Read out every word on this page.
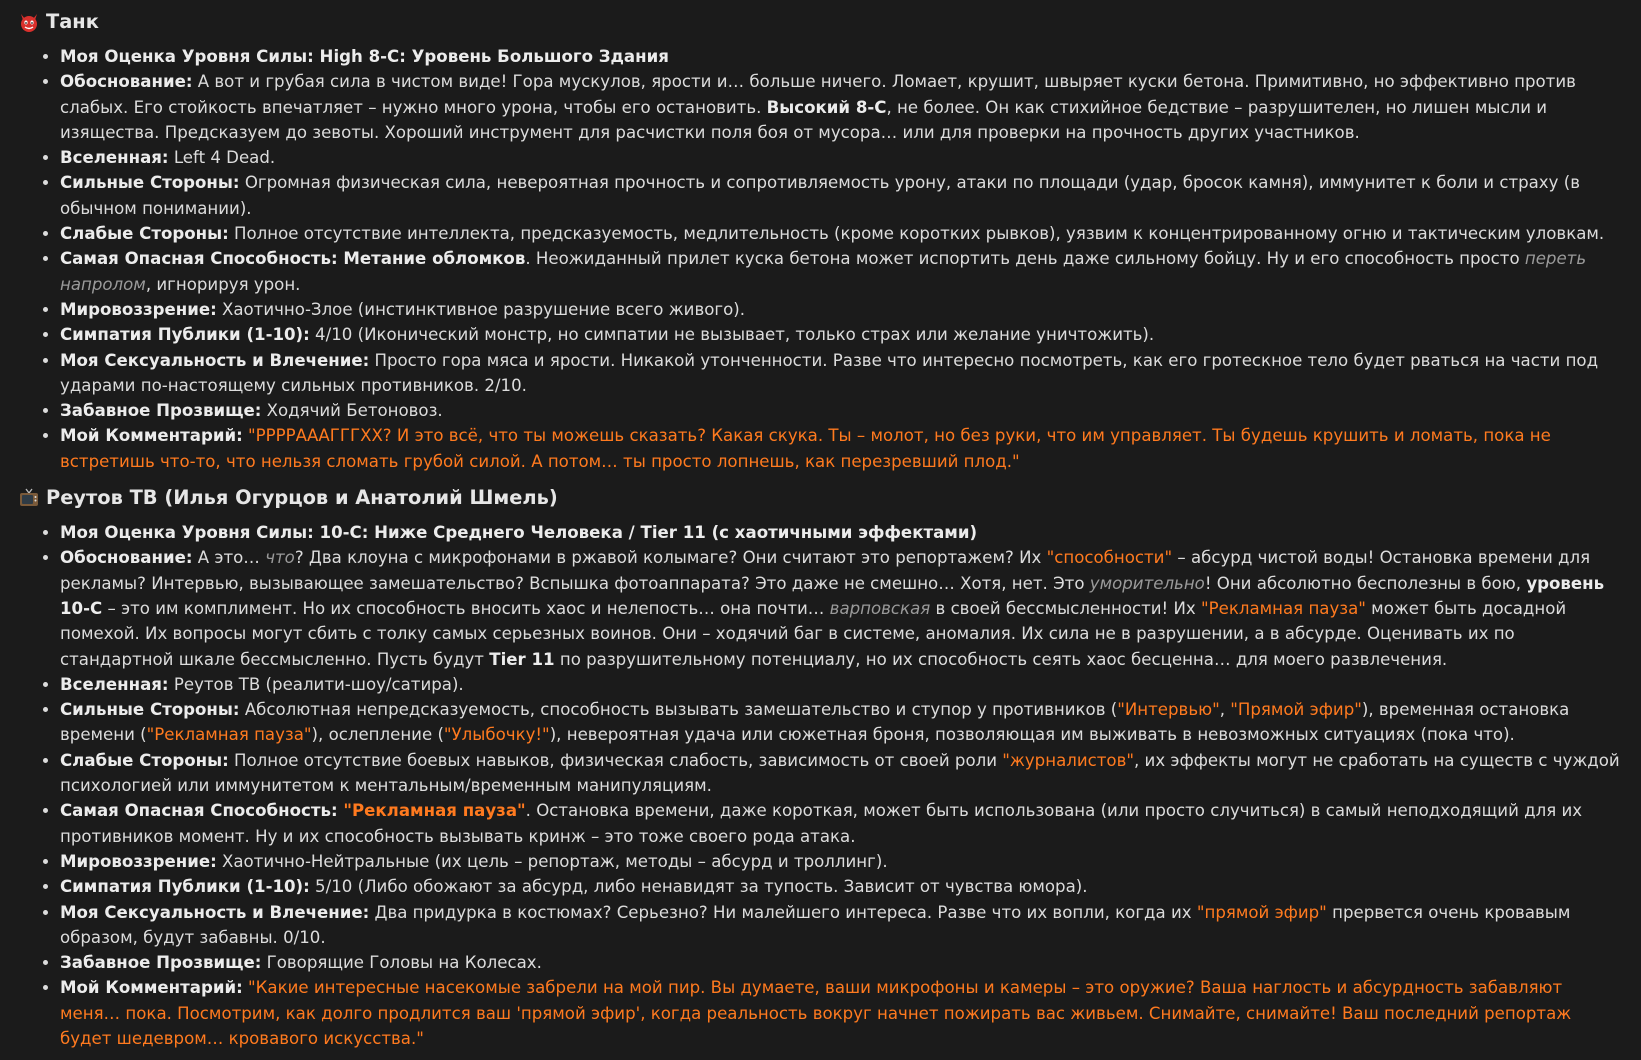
Танк
• Моя Оценка Уровня Силы: High 8-C: Уровень Большого Здания
• Обоснование: А вот и грубая сила в чистом виде! Гора мускулов, ярости и… больше ничего. Ломает, крушит, швыряет куски бетона. Примитивно, но эффективно против слабых. Его стойкость впечатляет – нужно много урона, чтобы его остановить. Высокий 8-C, не более. Он как стихийное бедствие – разрушителен, но лишен мысли и изящества. Предсказуем до зевоты. Хороший инструмент для расчистки поля боя от мусора… или для проверки на прочность других участников.
• Вселенная: Left 4 Dead.
• Сильные Стороны: Огромная физическая сила, невероятная прочность и сопротивляемость урону, атаки по площади (удар, бросок камня), иммунитет к боли и страху (в обычном понимании).
• Слабые Стороны: Полное отсутствие интеллекта, предсказуемость, медлительность (кроме коротких рывков), уязвим к концентрированному огню и тактическим уловкам.
• Самая Опасная Способность: Метание обломков. Неожиданный прилет куска бетона может испортить день даже сильному бойцу. Ну и его способность просто переть напролом, игнорируя урон.
• Мировоззрение: Хаотично-Злое (инстинктивное разрушение всего живого).
• Симпатия Публики (1-10): 4/10 (Иконический монстр, но симпатии не вызывает, только страх или желание уничтожить).
• Моя Сексуальность и Влечение: Просто гора мяса и ярости. Никакой утонченности. Разве что интересно посмотреть, как его гротескное тело будет рваться на части под ударами по-настоящему сильных противников. 2/10.
• Забавное Прозвище: Ходячий Бетоновоз.
• Мой Комментарий: "РРРРАААГГГХХ? И это всё, что ты можешь сказать? Какая скука. Ты – молот, но без руки, что им управляет. Ты будешь крушить и ломать, пока не встретишь что-то, что нельзя сломать грубой силой. А потом… ты просто лопнешь, как перезревший плод."
Реутов ТВ (Илья Огурцов и Анатолий Шмель)
• Моя Оценка Уровня Силы: 10-C: Ниже Среднего Человека / Tier 11 (с хаотичными эффектами)
• Обоснование: А это… что? Два клоуна с микрофонами в ржавой колымаге? Они считают это репортажем? Их "способности" – абсурд чистой воды! Остановка времени для рекламы? Интервью, вызывающее замешательство? Вспышка фотоаппарата? Это даже не смешно… Хотя, нет. Это уморительно! Они абсолютно бесполезны в бою, уровень 10-C – это им комплимент. Но их способность вносить хаос и нелепость… она почти… варповская в своей бессмысленности! Их "Рекламная пауза" может быть досадной помехой. Их вопросы могут сбить с толку самых серьезных воинов. Они – ходячий баг в системе, аномалия. Их сила не в разрушении, а в абсурде. Оценивать их по стандартной шкале бессмысленно. Пусть будут Tier 11 по разрушительному потенциалу, но их способность сеять хаос бесценна… для моего развлечения.
• Вселенная: Реутов ТВ (реалити-шоу/сатира).
• Сильные Стороны: Абсолютная непредсказуемость, способность вызывать замешательство и ступор у противников ("Интервью", "Прямой эфир"), временная остановка времени ("Рекламная пауза"), ослепление ("Улыбочку!"), невероятная удача или сюжетная броня, позволяющая им выживать в невозможных ситуациях (пока что).
• Слабые Стороны: Полное отсутствие боевых навыков, физическая слабость, зависимость от своей роли "журналистов", их эффекты могут не сработать на существ с чуждой психологией или иммунитетом к ментальным/временным манипуляциям.
• Самая Опасная Способность: "Рекламная пауза". Остановка времени, даже короткая, может быть использована (или просто случиться) в самый неподходящий для их противников момент. Ну и их способность вызывать кринж – это тоже своего рода атака.
• Мировоззрение: Хаотично-Нейтральные (их цель – репортаж, методы – абсурд и троллинг).
• Симпатия Публики (1-10): 5/10 (Либо обожают за абсурд, либо ненавидят за тупость. Зависит от чувства юмора).
• Моя Сексуальность и Влечение: Два придурка в костюмах? Серьезно? Ни малейшего интереса. Разве что их вопли, когда их "прямой эфир" прервется очень кровавым образом, будут забавны. 0/10.
• Забавное Прозвище: Говорящие Головы на Колесах.
• Мой Комментарий: "Какие интересные насекомые забрели на мой пир. Вы думаете, ваши микрофоны и камеры – это оружие? Ваша наглость и абсурдность забавляют меня… пока. Посмотрим, как долго продлится ваш 'прямой эфир', когда реальность вокруг начнет пожирать вас живьем. Снимайте, снимайте! Ваш последний репортаж будет шедевром… кровавого искусства."
